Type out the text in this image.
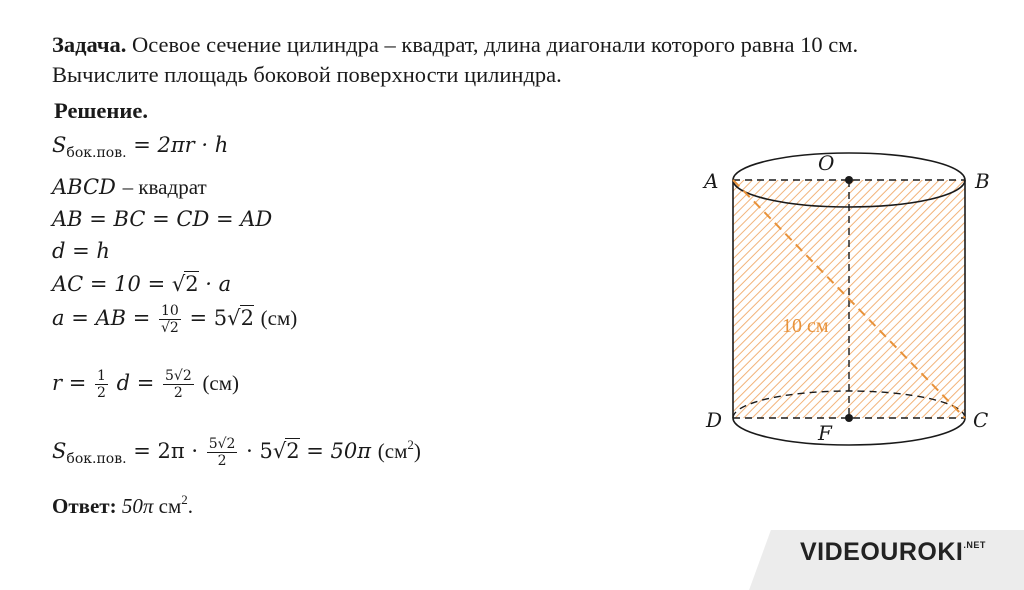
Задача. Осевое сечение цилиндра – квадрат, длина диагонали которого равна 10 см.
Вычислите площадь боковой поверхности цилиндра.
Решение.
$S_{бок.пов.} = 2\pi r \cdot h$
ABCD – квадрат
AB = BC = CD = AD
d = h
AC = 10 = √2 · a
a = AB = $\frac{10}{√2} = 5√2$ (см)
$r = \frac{1}{2}$ $d = \frac{5√2}{2} (см)$
$S_{бок.пов.} = 2\pi \cdot \frac{5√2}{2} \cdot 5√2 = 50\pi$ $(см^2)$
Ответ: 50π $см^2$.
A	B
C
D
O
F
10 см
$VIDEOUROKI^{.NET}$
